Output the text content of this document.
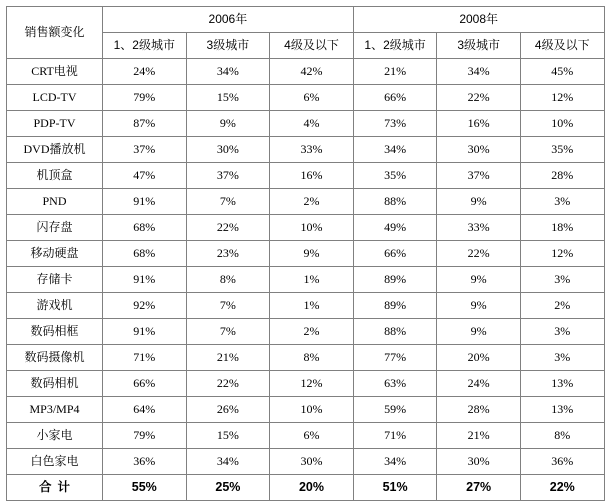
销售额变化	2006年			2008年		
	1、2级城市	3级城市	4级及以下	1、2级城市	3级城市	4级及以下
CRT电视	24%	34%	42%	21%	34%	45%
LCD-TV	79%	15%	6%	66%	22%	12%
PDP-TV	87%	9%	4%	73%	16%	10%
DVD播放机	37%	30%	33%	34%	30%	35%
机顶盒	47%	37%	16%	35%	37%	28%
PND	91%	7%	2%	88%	9%	3%
闪存盘	68%	22%	10%	49%	33%	18%
移动硬盘	68%	23%	9%	66%	22%	12%
存储卡	91%	8%	1%	89%	9%	3%
游戏机	92%	7%	1%	89%	9%	2%
数码相框	91%	7%	2%	88%	9%	3%
数码摄像机	71%	21%	8%	77%	20%	3%
数码相机	66%	22%	12%	63%	24%	13%
MP3/MP4	64%	26%	10%	59%	28%	13%
小家电	79%	15%	6%	71%	21%	8%
白色家电	36%	34%	30%	34%	30%	36%
合计	55%	25%	20%	51%	27%	22%
